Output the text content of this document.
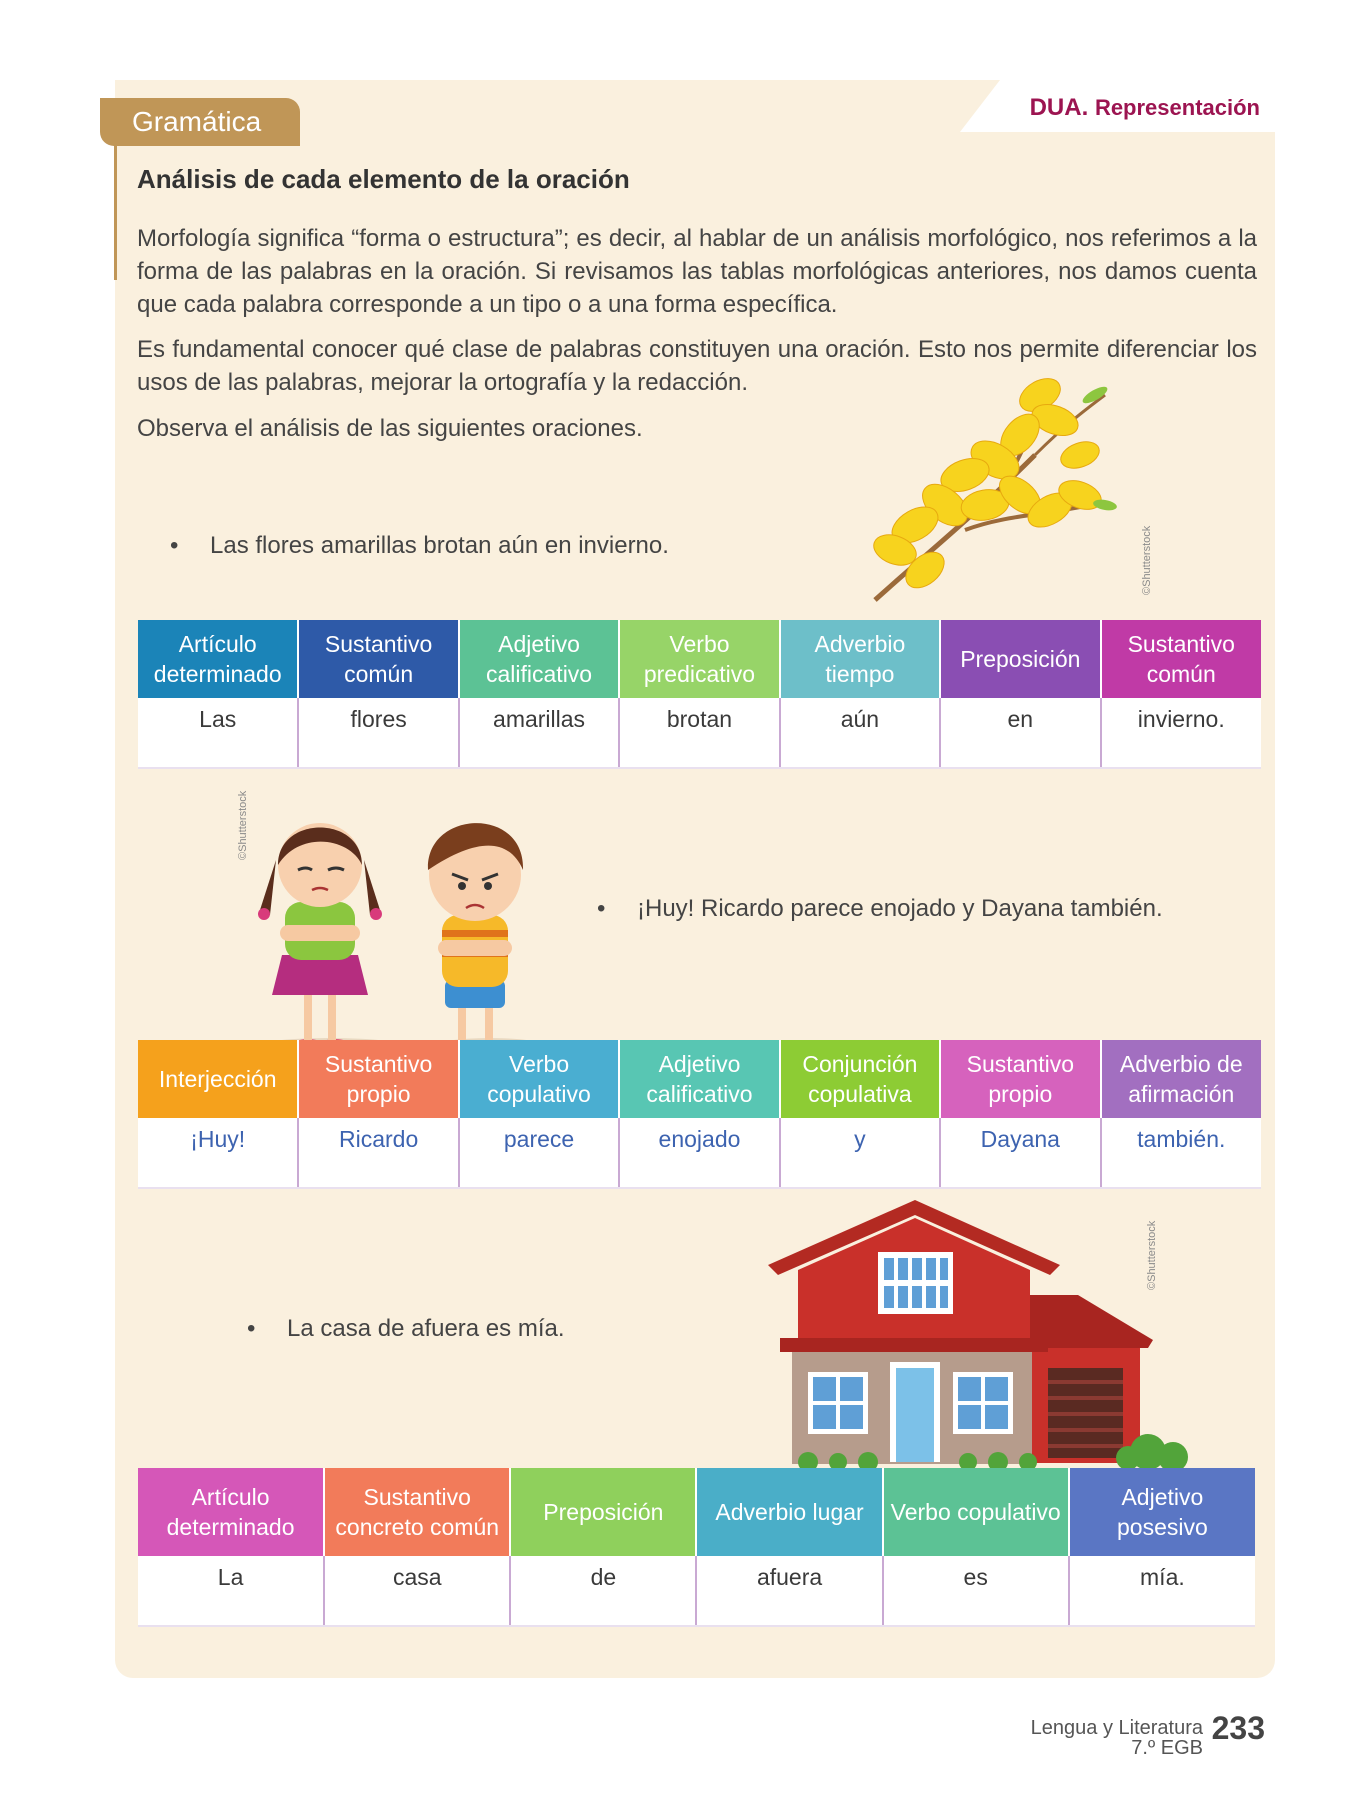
DUA. Representación
Gramática
Análisis de cada elemento de la oración

Morfología significa “forma o estructura”; es decir, al hablar de un análisis morfológico, nos referimos a la forma de las palabras en la oración. Si revisamos las tablas morfológicas anteriores, nos damos cuenta que cada palabra corresponde a un tipo o a una forma específica.

Es fundamental conocer qué clase de palabras constituyen una oración. Esto nos permite diferenciar los usos de las palabras, mejorar la ortografía y la redacción.

Observa el análisis de las siguientes oraciones.

©Shutterstock
• Las flores amarillas brotan aún en invierno.
Artículo determinado	Sustantivo común	Adjetivo calificativo	Verbo predicativo	Adverbio tiempo	Preposición	Sustantivo común
Las	flores	amarillas	brotan	aún	en	invierno.
©Shutterstock
• ¡Huy! Ricardo parece enojado y Dayana también.
Interjección	Sustantivo propio	Verbo copulativo	Adjetivo calificativo	Conjunción copulativa	Sustantivo propio	Adverbio de afirmación
¡Huy!	Ricardo	parece	enojado	y	Dayana	también.
©Shutterstock
• La casa de afuera es mía.
Artículo determinado	Sustantivo concreto común	Preposición	Adverbio lugar	Verbo copulativo	Adjetivo posesivo
La	casa	de	afuera	es	mía.
Lengua y Literatura
7.º EGB
233
